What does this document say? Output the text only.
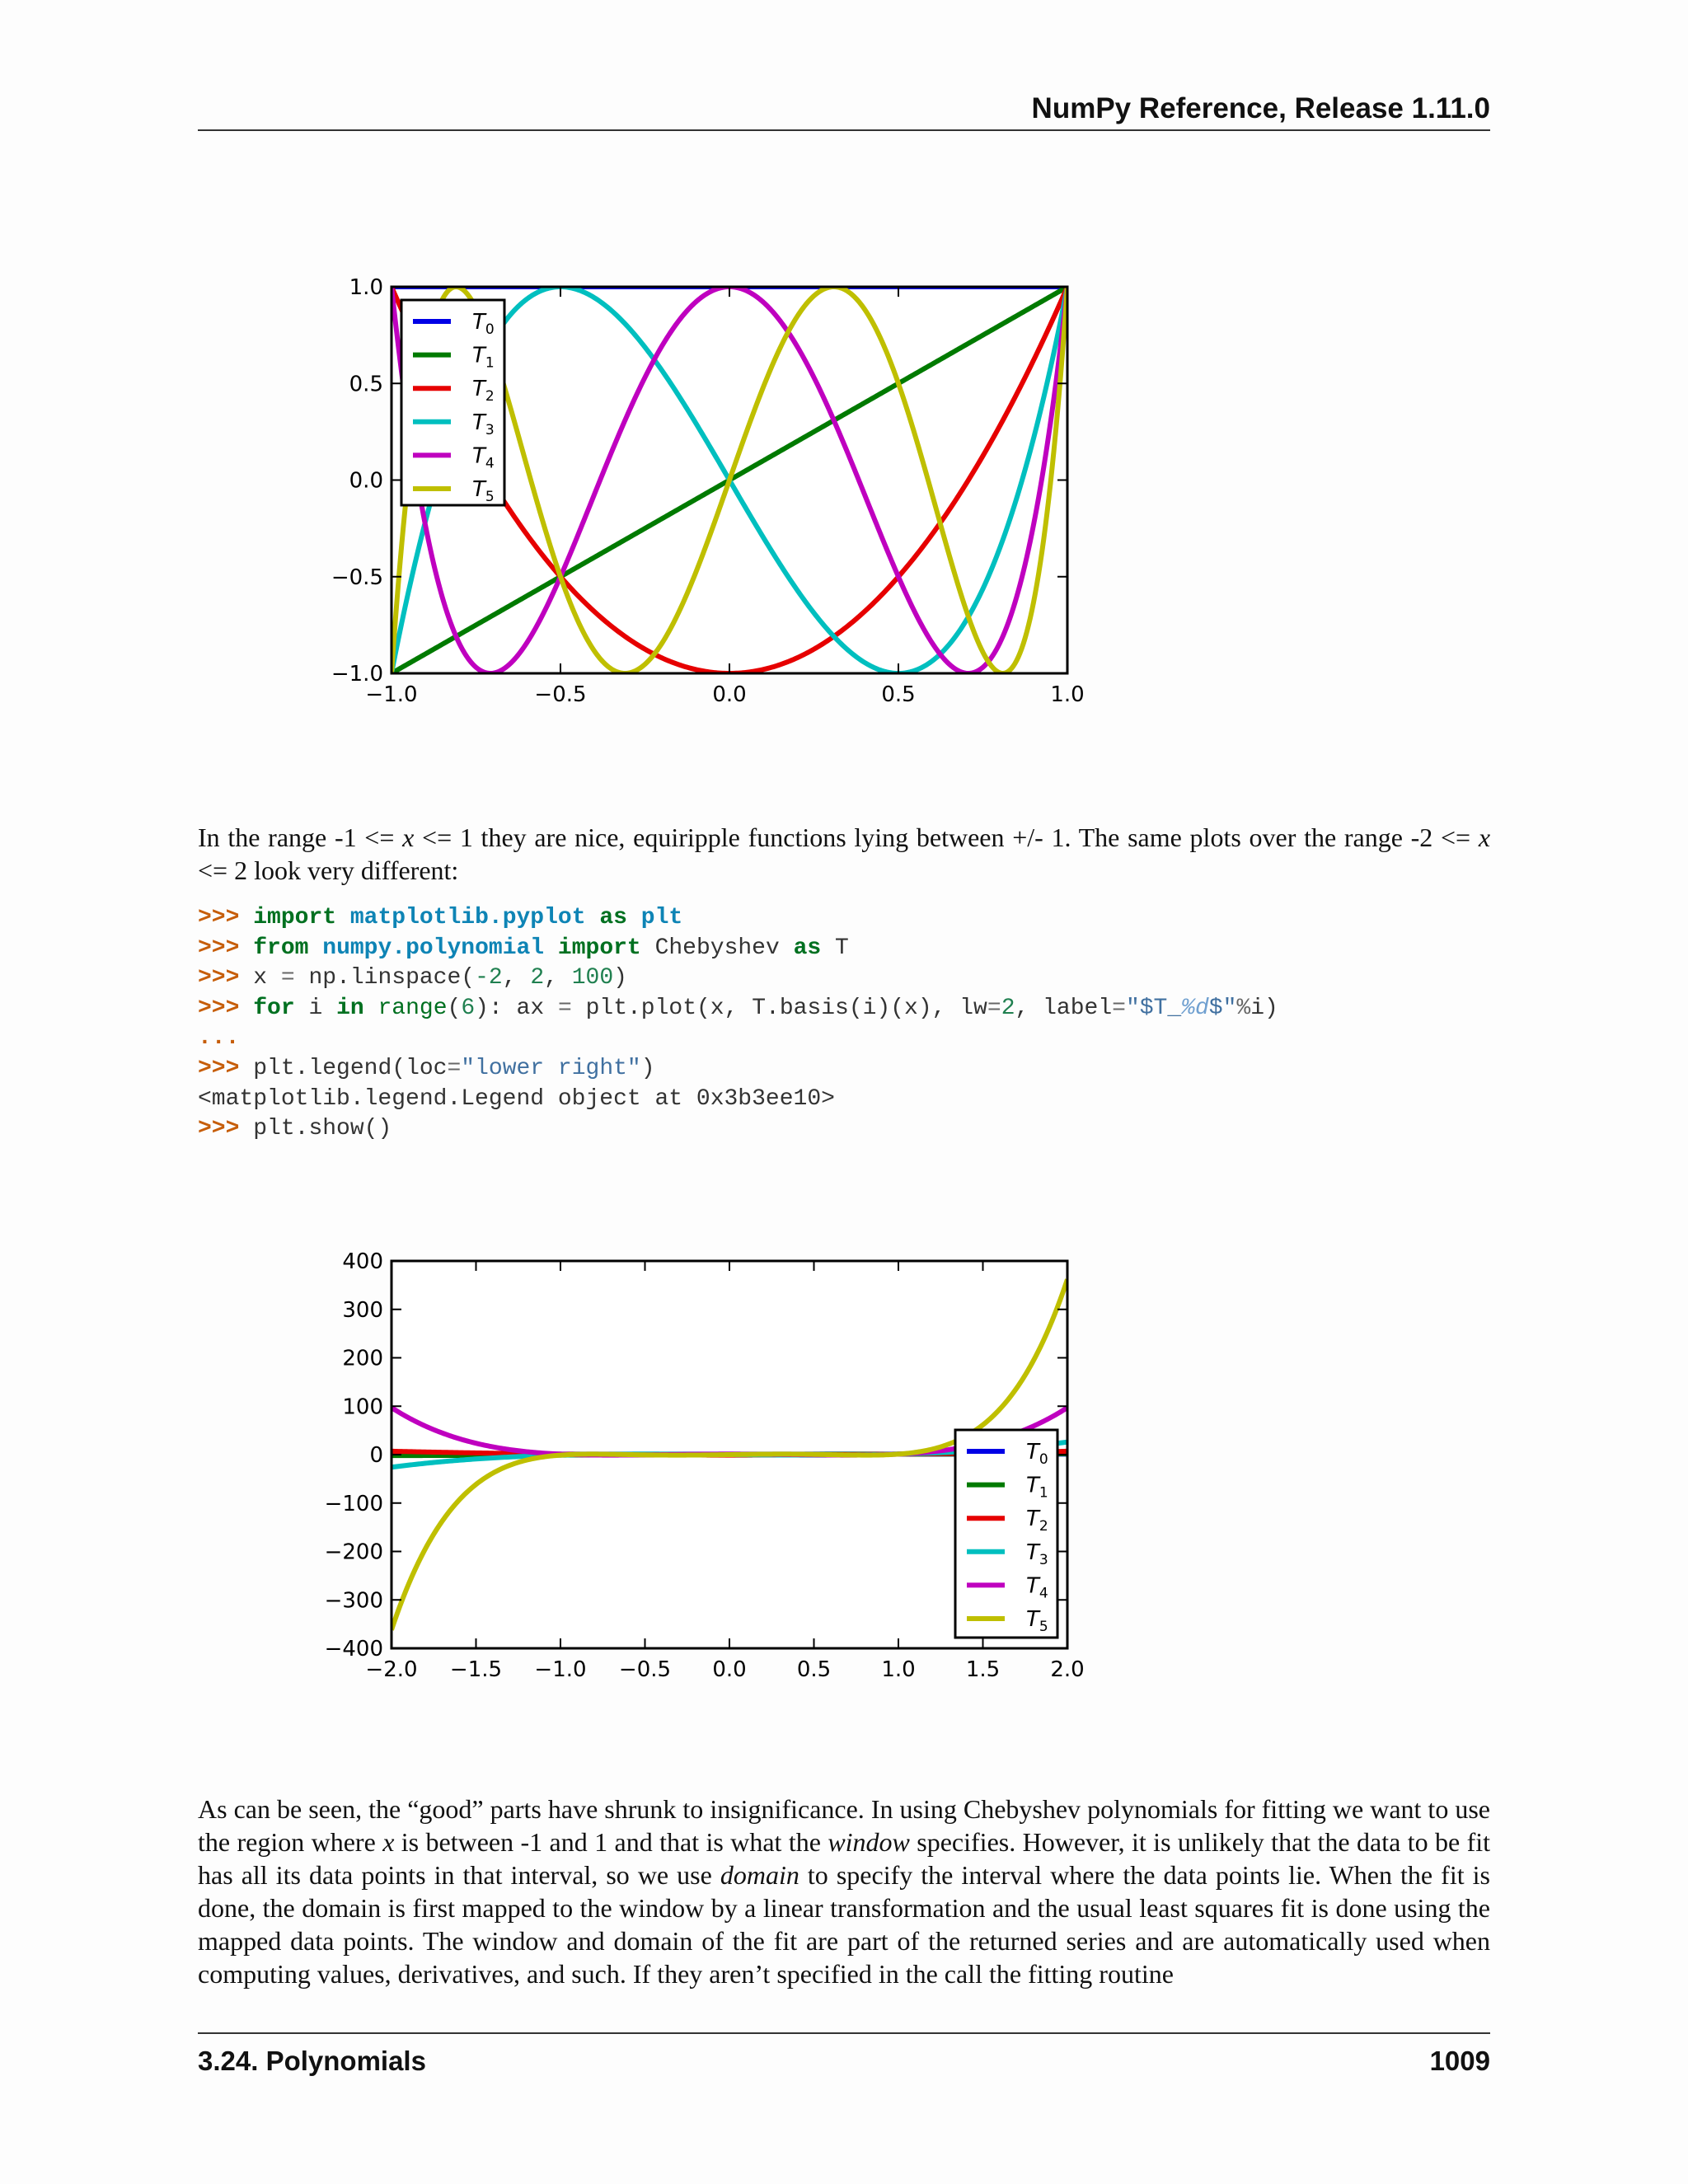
NumPy Reference, Release 1.11.0
−1.0	−0.5	0.0	0.5	1.0
1.0
0.5
0.0
−0.5
−1.0
$T_0$
$T_1$
$T_2$
$T_3$
$T_4$
$T_5$

In the range -1 <= x <= 1 they are nice, equiripple functions lying between +/- 1. The same plots over the range -2 <= x <= 2 look very different:

>>> import matplotlib.pyplot as plt
>>> from numpy.polynomial import Chebyshev as T
>>> x = np.linspace(-2, 2, 100)
>>> for i in range(6): ax = plt.plot(x, T.basis(i)(x), lw=2, label="$T_%d$"%i)
...
>>> plt.legend(loc="lower right")
<matplotlib.legend.Legend object at 0x3b3ee10>
>>> plt.show()
−2.0 −1.5 −1.0 −0.5 0.0 0.5 1.0 1.5 2.0
400
300
200
100
0
−100
−200
−300
−400
$T_0$
$T_1$
$T_2$
$T_3$
$T_4$
$T_5$

As can be seen, the “good” parts have shrunk to insignificance. In using Chebyshev polynomials for fitting we want to use the region where x is between -1 and 1 and that is what the window specifies. However, it is unlikely that the data to be fit has all its data points in that interval, so we use domain to specify the interval where the data points lie. When the fit is done, the domain is first mapped to the window by a linear transformation and the usual least squares fit is done using the mapped data points. The window and domain of the fit are part of the returned series and are automatically used when computing values, derivatives, and such. If they aren’t specified in the call the fitting routine

3.24. Polynomials	1009
